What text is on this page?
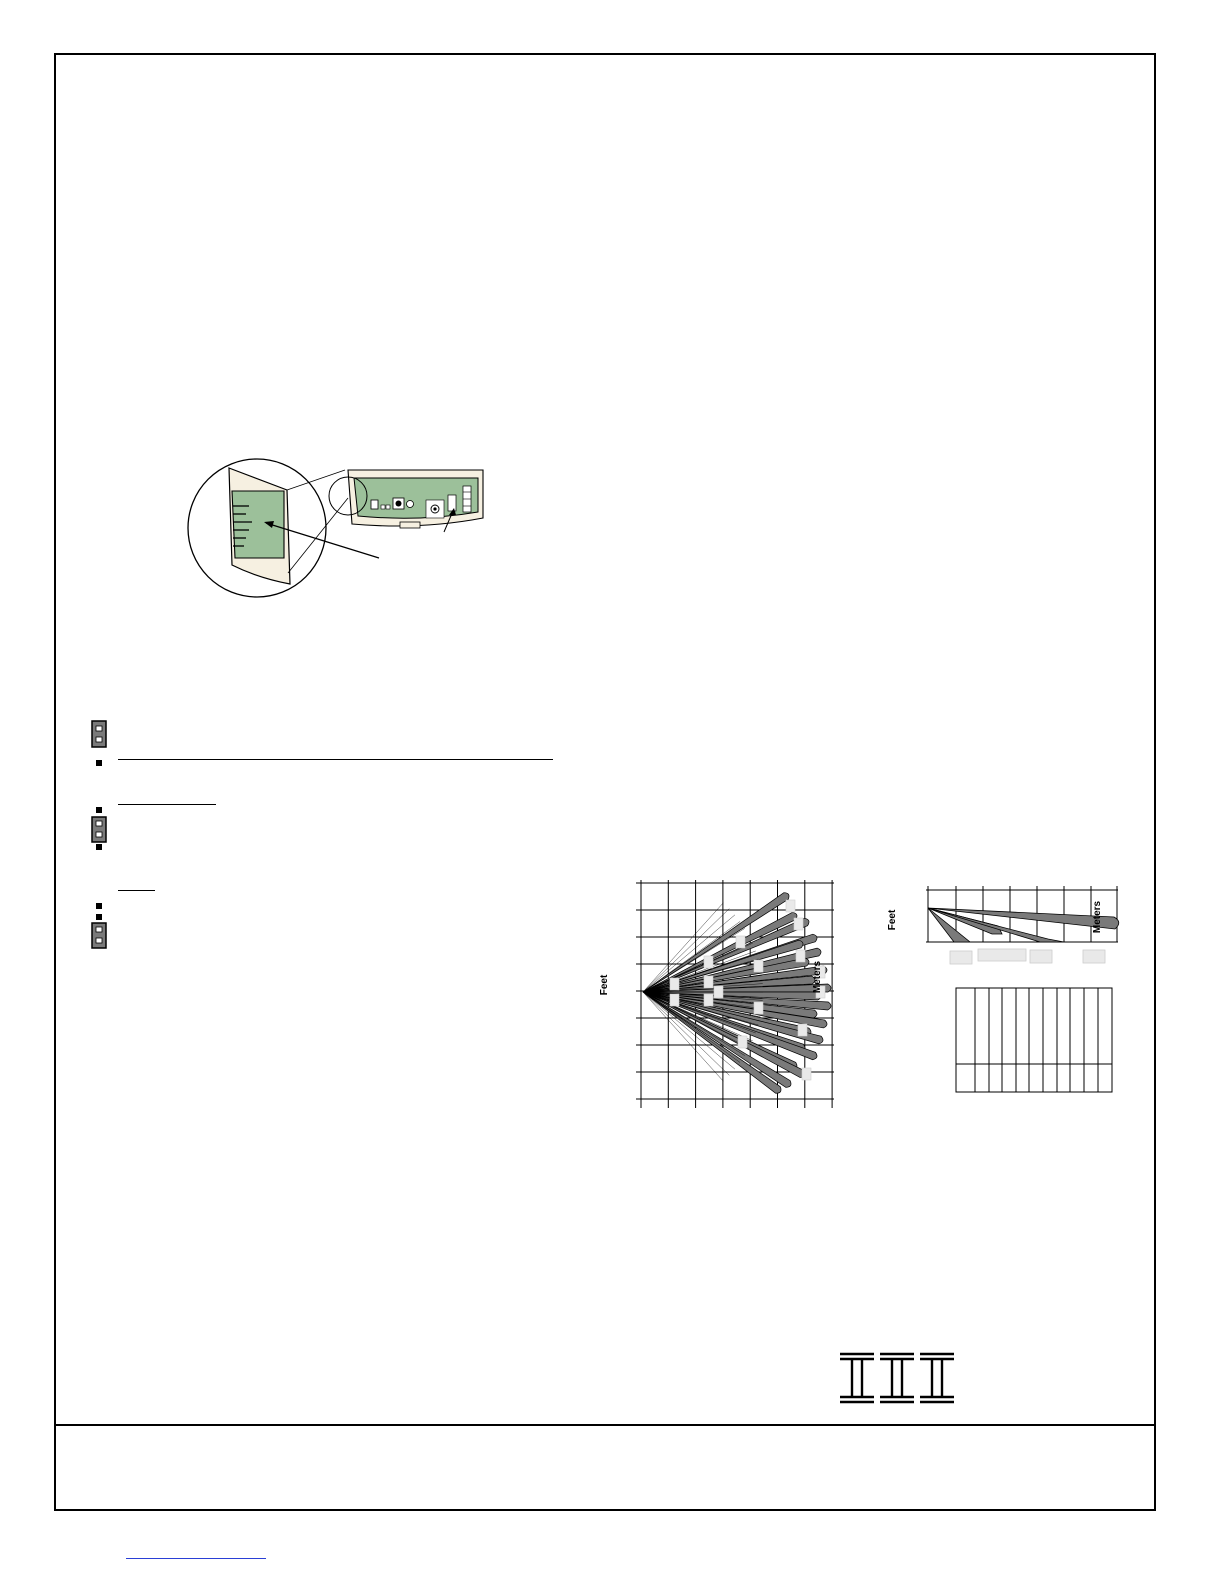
Feet	Meters
Feet	Meters
